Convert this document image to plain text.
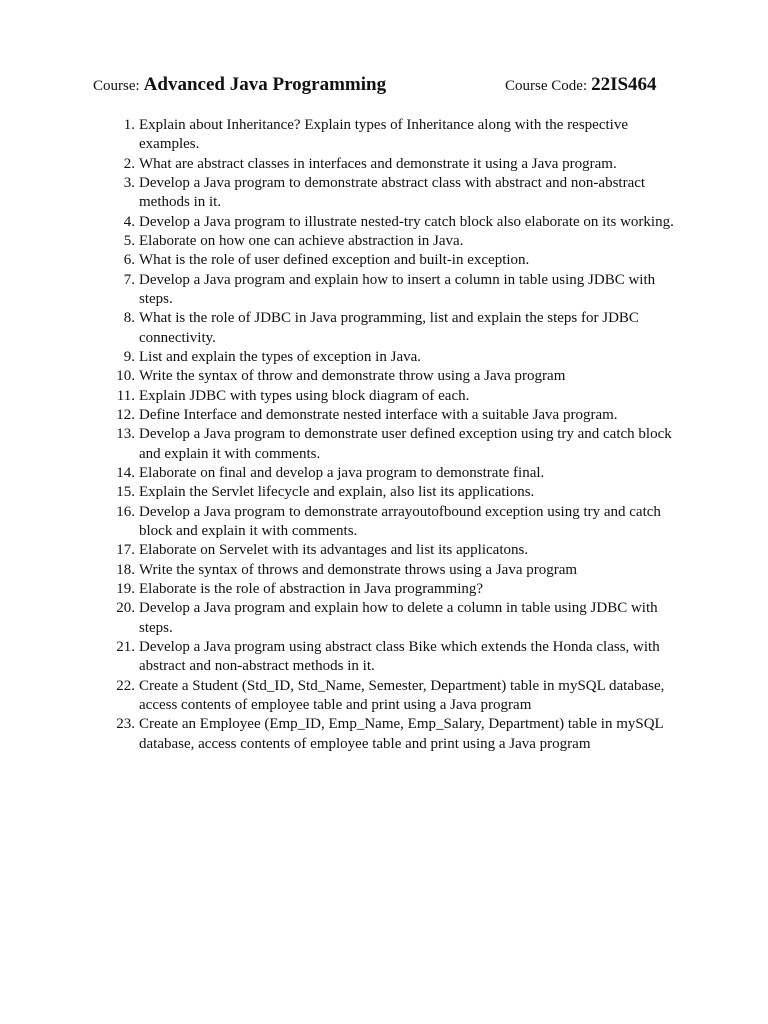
Course: Advanced Java Programming	Course Code: 22IS464
1. Explain about Inheritance? Explain types of Inheritance along with the respective examples.
2. What are abstract classes in interfaces and demonstrate it using a Java program.
3. Develop a Java program to demonstrate abstract class with abstract and non-abstract methods in it.
4. Develop a Java program to illustrate nested-try catch block also elaborate on its working.
5. Elaborate on how one can achieve abstraction in Java.
6. What is the role of user defined exception and built-in exception.
7. Develop a Java program and explain how to insert a column in table using JDBC with steps.
8. What is the role of JDBC in Java programming, list and explain the steps for JDBC connectivity.
9. List and explain the types of exception in Java.
10. Write the syntax of throw and demonstrate throw using a Java program
11. Explain JDBC with types using block diagram of each.
12. Define Interface and demonstrate nested interface with a suitable Java program.
13. Develop a Java program to demonstrate user defined exception using try and catch block and explain it with comments.
14. Elaborate on final and develop a java program to demonstrate final.
15. Explain the Servlet lifecycle and explain, also list its applications.
16. Develop a Java program to demonstrate arrayoutofbound exception using try and catch block and explain it with comments.
17. Elaborate on Servelet with its advantages and list its applicatons.
18. Write the syntax of throws and demonstrate throws using a Java program
19. Elaborate is the role of abstraction in Java programming?
20. Develop a Java program and explain how to delete a column in table using JDBC with steps.
21. Develop a Java program using abstract class Bike which extends the Honda class, with abstract and non-abstract methods in it.
22. Create a Student (Std_ID, Std_Name, Semester, Department) table in mySQL database, access contents of employee table and print using a Java program
23. Create an Employee (Emp_ID, Emp_Name, Emp_Salary, Department) table in mySQL database, access contents of employee table and print using a Java program
